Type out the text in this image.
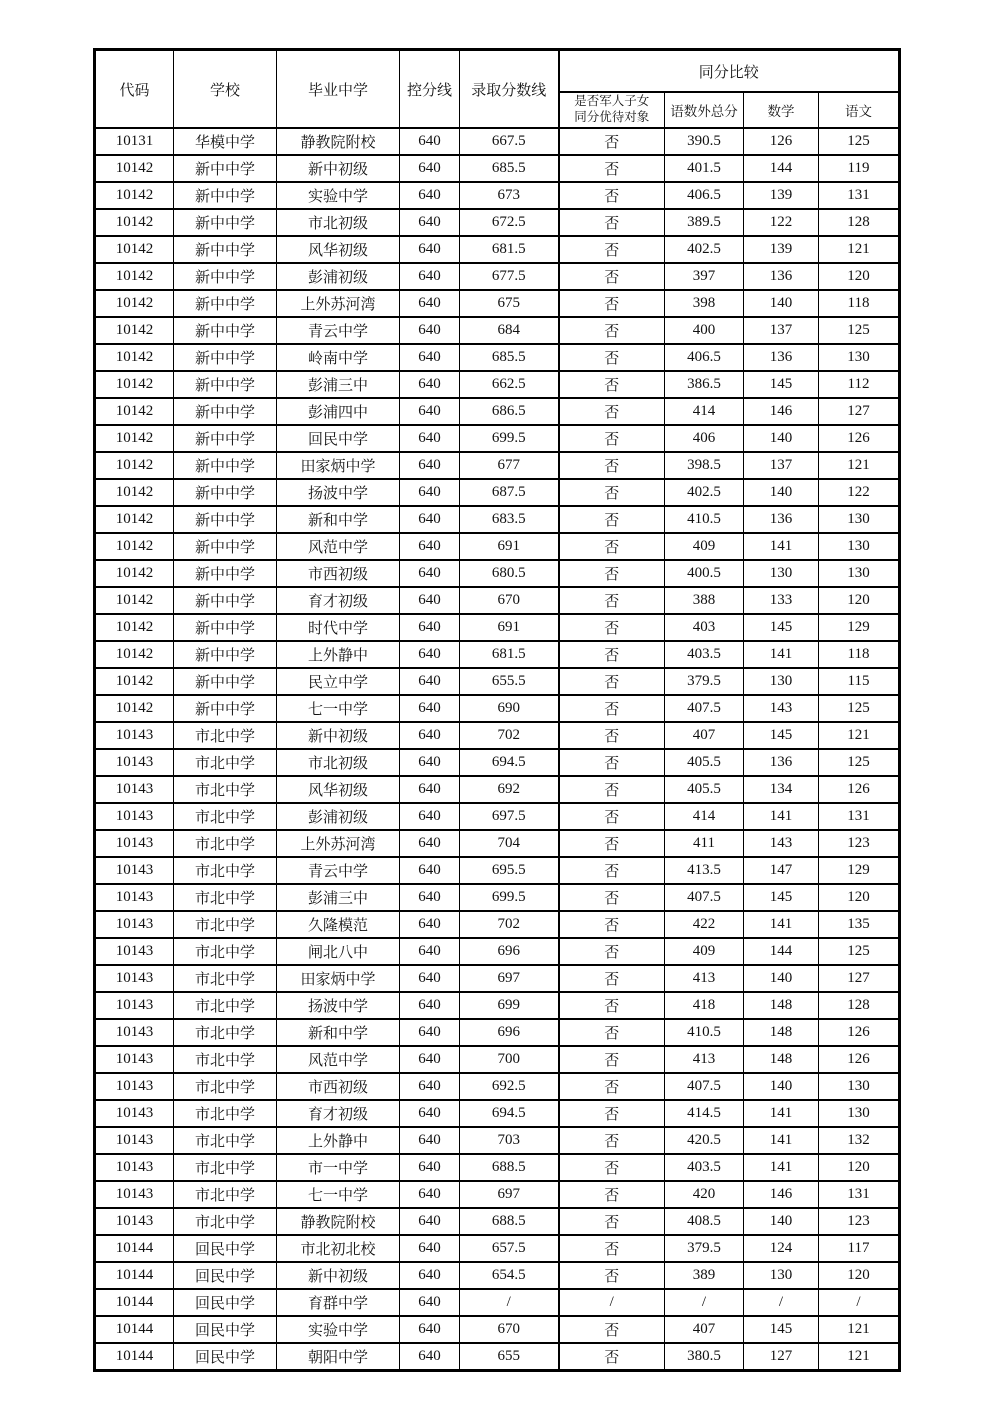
代码	学校	毕业中学	控分线	录取分数线	同分比较			
					是否军人子女同分优待对象	语数外总分	数学	语文
10131	华模中学	静教院附校	640	667.5	否	390.5	126	125
10142	新中中学	新中初级	640	685.5	否	401.5	144	119
10142	新中中学	实验中学	640	673	否	406.5	139	131
10142	新中中学	市北初级	640	672.5	否	389.5	122	128
10142	新中中学	风华初级	640	681.5	否	402.5	139	121
10142	新中中学	彭浦初级	640	677.5	否	397	136	120
10142	新中中学	上外苏河湾	640	675	否	398	140	118
10142	新中中学	青云中学	640	684	否	400	137	125
10142	新中中学	岭南中学	640	685.5	否	406.5	136	130
10142	新中中学	彭浦三中	640	662.5	否	386.5	145	112
10142	新中中学	彭浦四中	640	686.5	否	414	146	127
10142	新中中学	回民中学	640	699.5	否	406	140	126
10142	新中中学	田家炳中学	640	677	否	398.5	137	121
10142	新中中学	扬波中学	640	687.5	否	402.5	140	122
10142	新中中学	新和中学	640	683.5	否	410.5	136	130
10142	新中中学	风范中学	640	691	否	409	141	130
10142	新中中学	市西初级	640	680.5	否	400.5	130	130
10142	新中中学	育才初级	640	670	否	388	133	120
10142	新中中学	时代中学	640	691	否	403	145	129
10142	新中中学	上外静中	640	681.5	否	403.5	141	118
10142	新中中学	民立中学	640	655.5	否	379.5	130	115
10142	新中中学	七一中学	640	690	否	407.5	143	125
10143	市北中学	新中初级	640	702	否	407	145	121
10143	市北中学	市北初级	640	694.5	否	405.5	136	125
10143	市北中学	风华初级	640	692	否	405.5	134	126
10143	市北中学	彭浦初级	640	697.5	否	414	141	131
10143	市北中学	上外苏河湾	640	704	否	411	143	123
10143	市北中学	青云中学	640	695.5	否	413.5	147	129
10143	市北中学	彭浦三中	640	699.5	否	407.5	145	120
10143	市北中学	久隆模范	640	702	否	422	141	135
10143	市北中学	闸北八中	640	696	否	409	144	125
10143	市北中学	田家炳中学	640	697	否	413	140	127
10143	市北中学	扬波中学	640	699	否	418	148	128
10143	市北中学	新和中学	640	696	否	410.5	148	126
10143	市北中学	风范中学	640	700	否	413	148	126
10143	市北中学	市西初级	640	692.5	否	407.5	140	130
10143	市北中学	育才初级	640	694.5	否	414.5	141	130
10143	市北中学	上外静中	640	703	否	420.5	141	132
10143	市北中学	市一中学	640	688.5	否	403.5	141	120
10143	市北中学	七一中学	640	697	否	420	146	131
10143	市北中学	静教院附校	640	688.5	否	408.5	140	123
10144	回民中学	市北初北校	640	657.5	否	379.5	124	117
10144	回民中学	新中初级	640	654.5	否	389	130	120
10144	回民中学	育群中学	640	/	/	/	/	/
10144	回民中学	实验中学	640	670	否	407	145	121
10144	回民中学	朝阳中学	640	655	否	380.5	127	121
